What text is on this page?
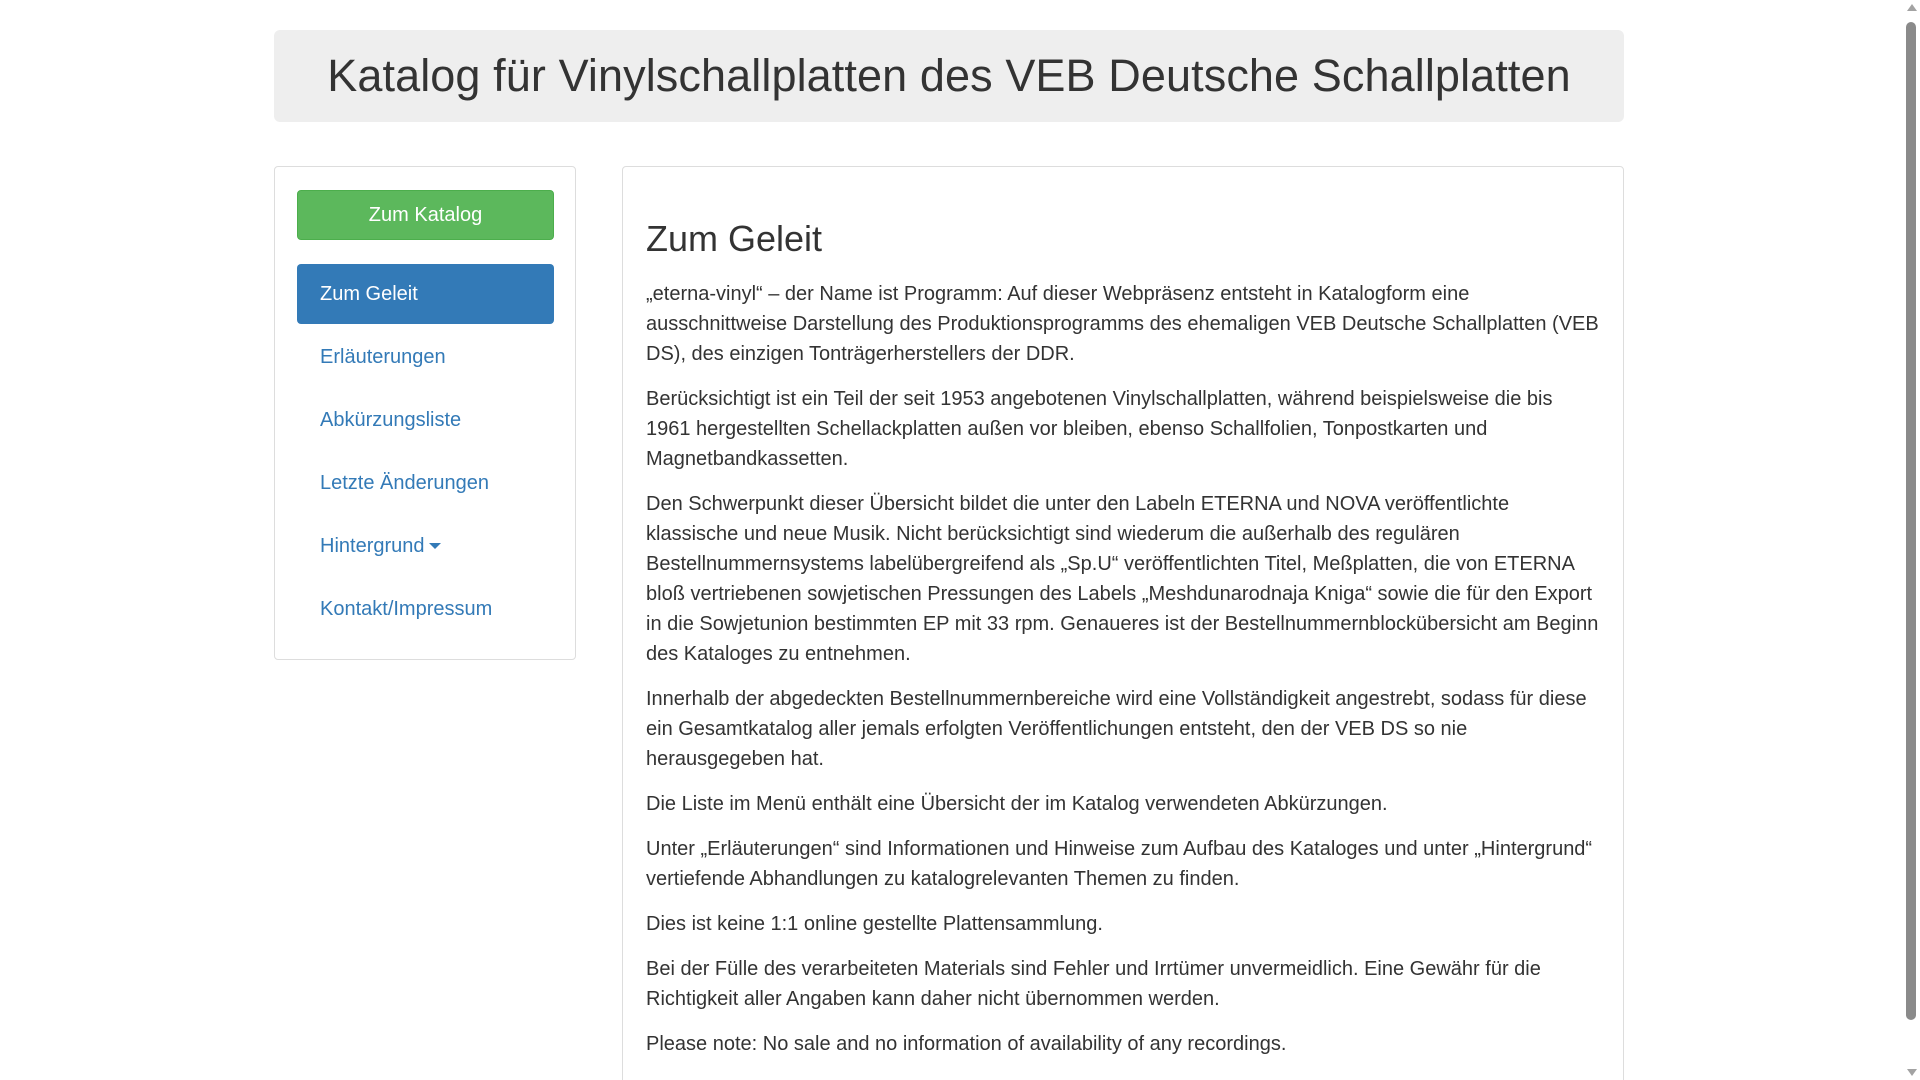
Katalog für Vinylschallplatten des VEB Deutsche Schallplatten
Zum Katalog
Zum Geleit
Erläuterungen
Abkürzungsliste
Letzte Änderungen
Hintergrund
Kontakt/Impressum
Zum Geleit

„eterna-vinyl“ – der Name ist Programm: Auf dieser Webpräsenz entsteht in Katalogform eine ausschnittweise Darstellung des Produktionsprogramms des ehemaligen VEB Deutsche Schallplatten (VEB DS), des einzigen Tonträgerherstellers der DDR.

Berücksichtigt ist ein Teil der seit 1953 angebotenen Vinylschallplatten, während beispielsweise die bis 1961 hergestellten Schellackplatten außen vor bleiben, ebenso Schallfolien, Tonpostkarten und Magnetbandkassetten.

Den Schwerpunkt dieser Übersicht bildet die unter den Labeln ETERNA und NOVA veröffentlichte klassische und neue Musik. Nicht berücksichtigt sind wiederum die außerhalb des regulären Bestellnummernsystems labelübergreifend als „Sp.U“ veröffentlichten Titel, Meßplatten, die von ETERNA bloß vertriebenen sowjetischen Pressungen des Labels „Meshdunarodnaja Kniga“ sowie die für den Export in die Sowjetunion bestimmten EP mit 33 rpm. Genaueres ist der Bestellnummernblockübersicht am Beginn des Kataloges zu entnehmen.

Innerhalb der abgedeckten Bestellnummernbereiche wird eine Vollständigkeit angestrebt, sodass für diese ein Gesamtkatalog aller jemals erfolgten Veröffentlichungen entsteht, den der VEB DS so nie herausgegeben hat.

Die Liste im Menü enthält eine Übersicht der im Katalog verwendeten Abkürzungen.

Unter „Erläuterungen“ sind Informationen und Hinweise zum Aufbau des Kataloges und unter „Hintergrund“ vertiefende Abhandlungen zu katalogrelevanten Themen zu finden.

Dies ist keine 1:1 online gestellte Plattensammlung.

Bei der Fülle des verarbeiteten Materials sind Fehler und Irrtümer unvermeidlich. Eine Gewähr für die Richtigkeit aller Angaben kann daher nicht übernommen werden.

Please note: No sale and no information of availability of any recordings.
